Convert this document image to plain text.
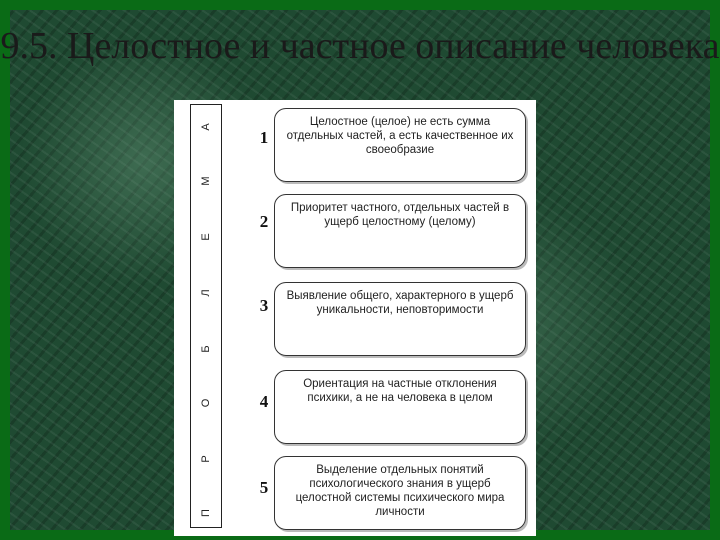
9.5. Целостное и частное описание человека
П
Р
О
Б
Л
Е
М
А
1
Целостное (целое) не есть сумма отдельных частей, а есть качественное их своеобразие
2
Приоритет частного, отдельных частей в ущерб целостному (целому)
3	Выявление общего, характерного в ущерб уникальности, неповторимости
4
Ориентация на частные отклонения психики, а не на человека в целом
5
Выделение отдельных понятий психологического знания в ущерб целостной системы психического мира личности
